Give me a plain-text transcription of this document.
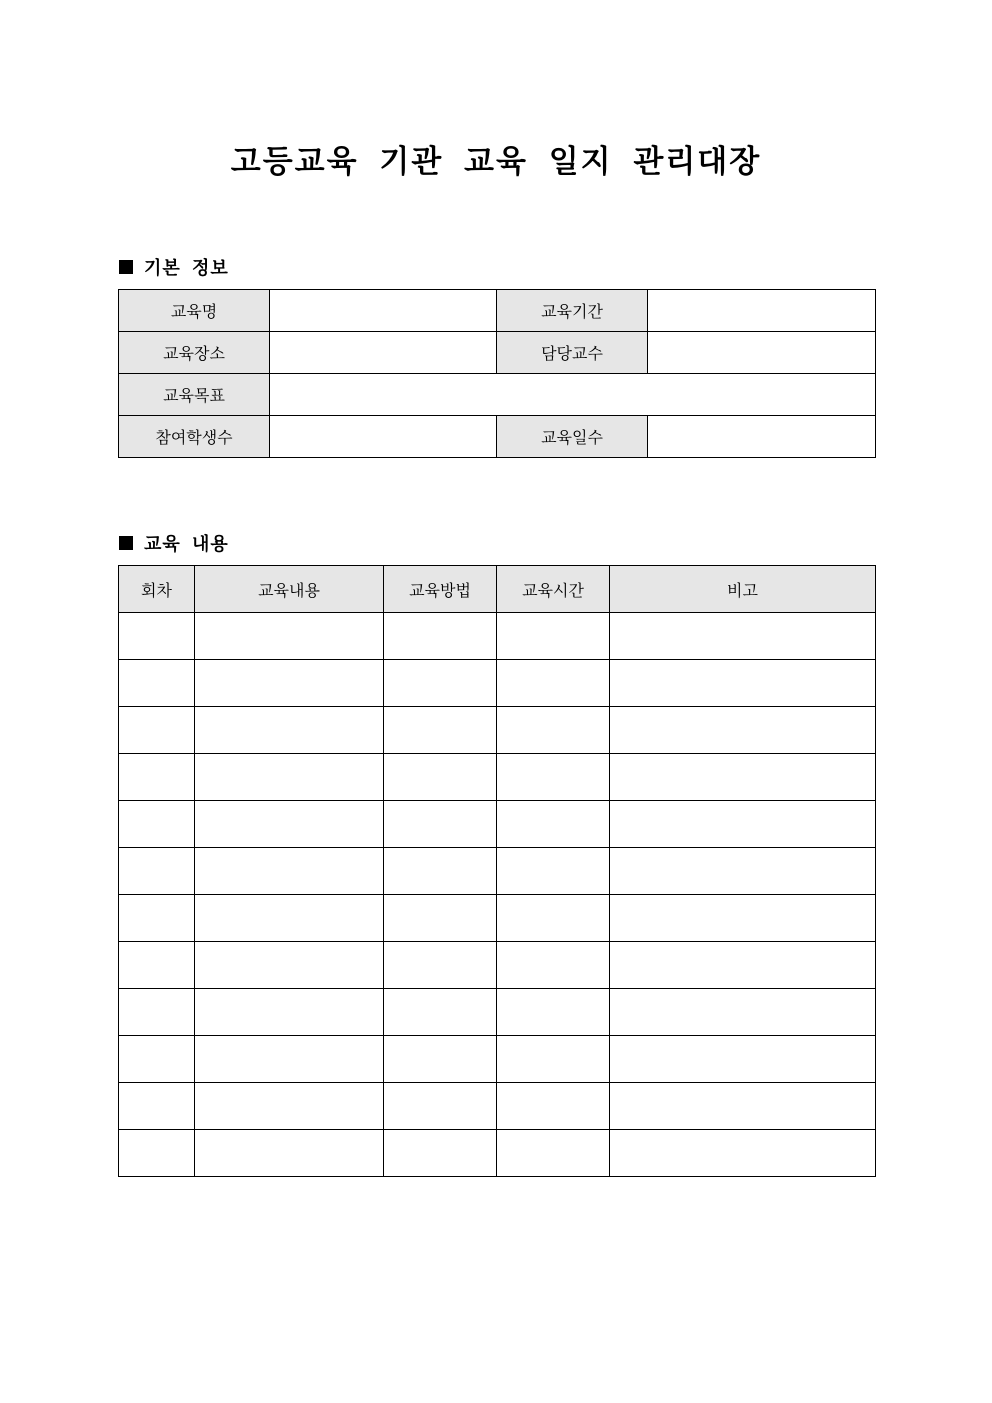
고등교육 기관 교육 일지 관리대장
기본 정보
교육명		교육기간	
교육장소		담당교수	
교육목표			
참여학생수		교육일수	
교육 내용
회차	교육내용	교육방법	교육시간	비고
